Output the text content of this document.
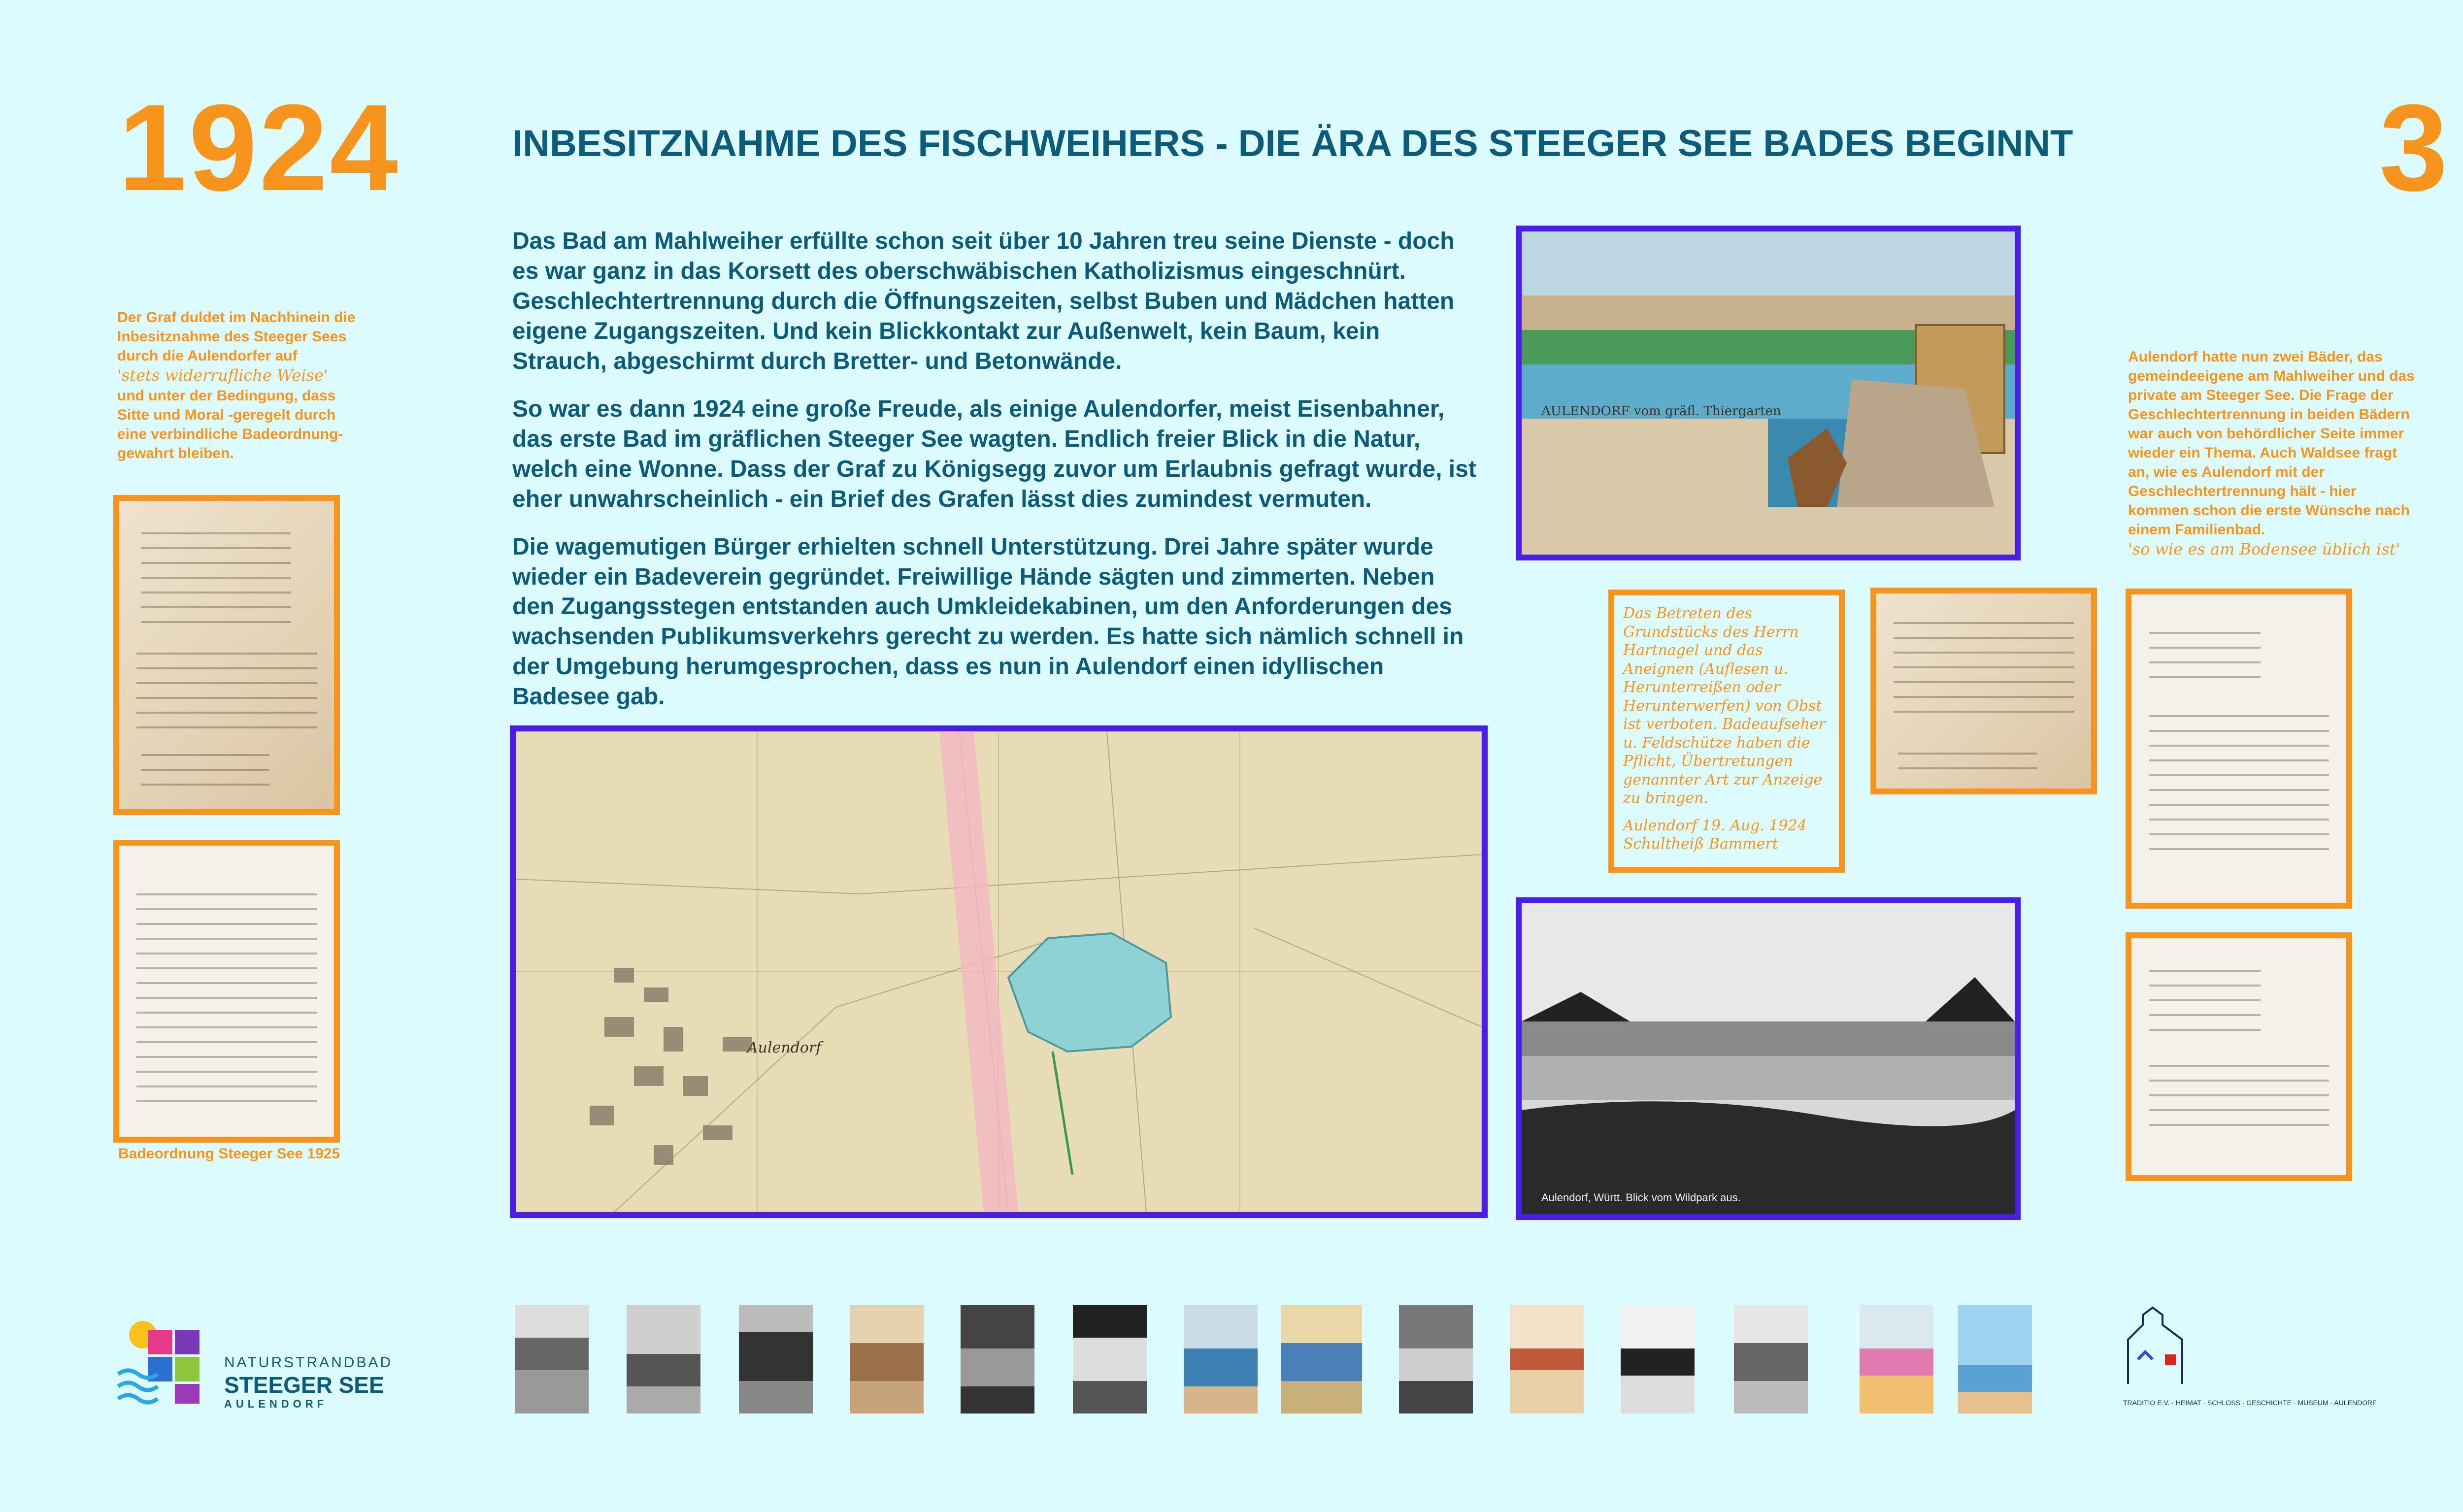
1924	INBESITZNAHME DES FISCHWEIHERS - DIE ÄRA DES STEEGER SEE BADES BEGINNT	3

Das Bad am Mahlweiher erfüllte schon seit über 10 Jahren treu seine Dienste - doch es war ganz in das Korsett des oberschwäbischen Katholizismus eingeschnürt. Geschlechtertrennung durch die Öffnungszeiten, selbst Buben und Mädchen hatten eigene Zugangszeiten. Und kein Blickkontakt zur Außenwelt, kein Baum, kein Strauch, abgeschirmt durch Bretter- und Betonwände.

So war es dann 1924 eine große Freude, als einige Aulendorfer, meist Eisenbahner, das erste Bad im gräflichen Steeger See wagten. Endlich freier Blick in die Natur, welch eine Wonne. Dass der Graf zu Königsegg zuvor um Erlaubnis gefragt wurde, ist eher unwahrscheinlich - ein Brief des Grafen lässt dies zumindest vermuten.

Die wagemutigen Bürger erhielten schnell Unterstützung. Drei Jahre später wurde wieder ein Badeverein gegründet. Freiwillige Hände sägten und zimmerten. Neben den Zugangsstegen entstanden auch Umkleidekabinen, um den Anforderungen des wachsenden Publikumsverkehrs gerecht zu werden. Es hatte sich nämlich schnell in der Umgebung herumgesprochen, dass es nun in Aulendorf einen idyllischen Badesee gab.

Der Graf duldet im Nachhinein die Inbesitznahme des Steeger Sees durch die Aulendorfer auf
'stets widerrufliche Weise'
und unter der Bedingung, dass Sitte und Moral -geregelt durch eine verbindliche Badeordnung- gewahrt bleiben.
Badeordnung Steeger See 1925
Aulendorf
AULENDORF vom gräfl. Thiergarten
Das Betreten des Grundstücks des Herrn Hartnagel und das Aneignen (Auflesen u. Herunterreißen oder Herunterwerfen) von Obst ist verboten. Badeaufseher u. Feldschütze haben die Pflicht, Übertretungen genannter Art zur Anzeige zu bringen.
Aulendorf 19. Aug. 1924 Schultheiß Bammert
Aulendorf, Württ. Blick vom Wildpark aus.
Aulendorf hatte nun zwei Bäder, das gemeindeeigene am Mahlweiher und das private am Steeger See. Die Frage der Geschlechtertrennung in beiden Bädern war auch von behördlicher Seite immer wieder ein Thema. Auch Waldsee fragt an, wie es Aulendorf mit der Geschlechtertrennung hält - hier kommen schon die erste Wünsche nach einem Familienbad.
'so wie es am Bodensee üblich ist'
NATURSTRANDBAD
STEEGER SEE
AULENDORF	TRADITIO E.V. · HEIMAT · SCHLOSS · GESCHICHTE · MUSEUM · AULENDORF
